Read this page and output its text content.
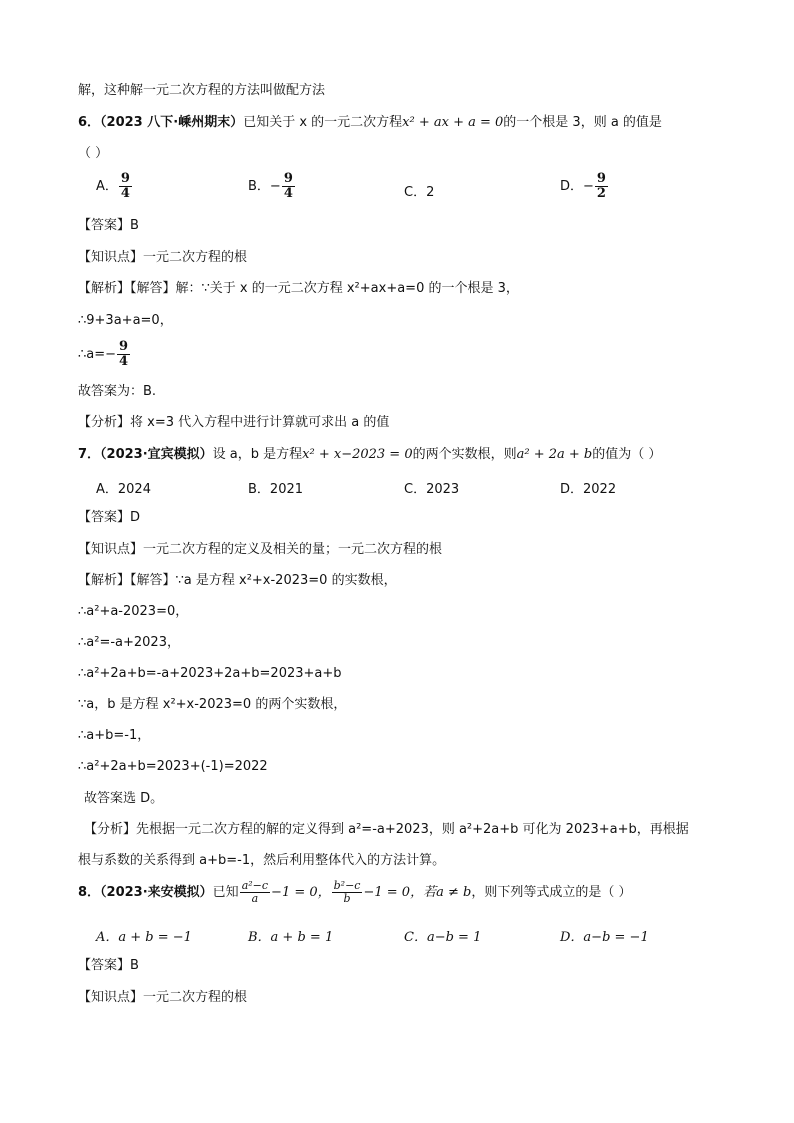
解，这种解一元二次方程的方法叫做配方法
6．（2023 八下·嵊州期末）已知关于 x 的一元二次方程x² + ax + a = 0的一个根是 3，则 a 的值是
（ ）
A． $\frac{9}{4}$	B．− $\frac{9}{4}$	C．2	D．− $\frac{9}{2}$
【答案】B
【知识点】一元二次方程的根
【解析】【解答】解：∵关于 x 的一元二次方程 x²+ax+a=0 的一个根是 3，
∴9+3a+a=0，
∴a=− $\frac{9}{4}$
故答案为：B.
【分析】将 x=3 代入方程中进行计算就可求出 a 的值
7．（2023·宜宾模拟）设 a，b 是方程x² + x−2023 = 0的两个实数根，则a² + 2a + b的值为（ ）
A．2024	B．2021	C．2023	D．2022
【答案】D
【知识点】一元二次方程的定义及相关的量；一元二次方程的根
【解析】【解答】∵a 是方程 x²+x-2023=0 的实数根，
∴a²+a-2023=0，
∴a²=-a+2023，
∴a²+2a+b=-a+2023+2a+b=2023+a+b
∵a，b 是方程 x²+x-2023=0 的两个实数根，
∴a+b=-1，
∴a²+2a+b=2023+(-1)=2022
故答案选 D。
【分析】先根据一元二次方程的解的定义得到 a²=-a+2023，则 a²+2a+b 可化为 2023+a+b，再根据
根与系数的关系得到 a+b=-1，然后利用整体代入的方法计算。
8．（2023·来安模拟）已知 $\frac{\text{a²−c}}{a} -1 = 0$， $\frac{\text{b²−c}}{b} -1 = 0$，若a ≠ b，则下列等式成立的是（ ）
A．a + b = −1	B．a + b = 1	C．a−b = 1	D．a−b = −1
【答案】B
【知识点】一元二次方程的根
